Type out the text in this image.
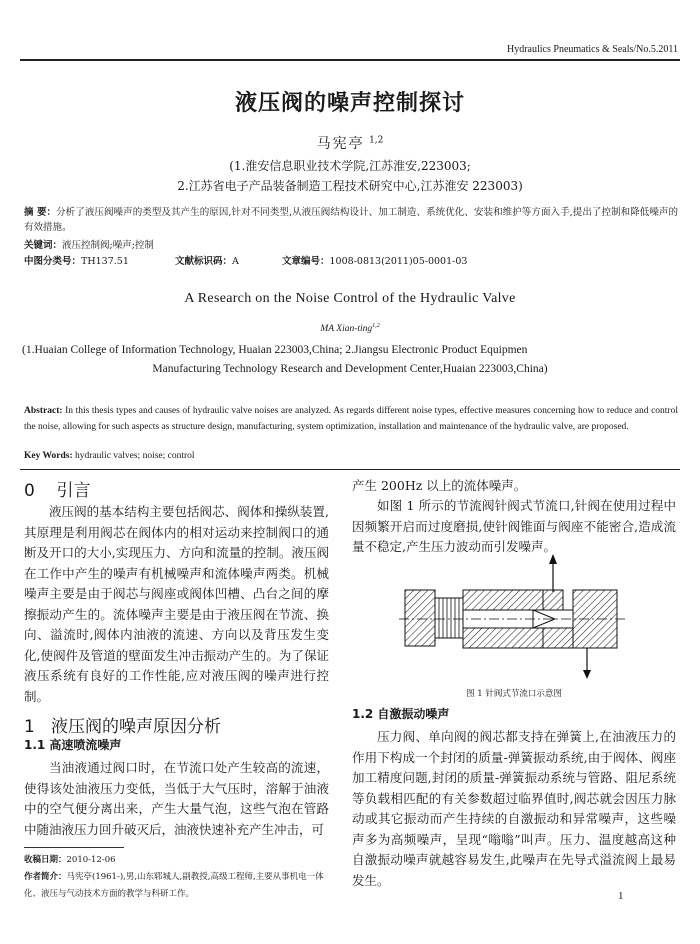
Hydraulics Pneumatics & Seals/No.5.2011
液压阀的噪声控制探讨
马宪亭 $^{1,2}$
(1.淮安信息职业技术学院,江苏淮安,223003;
2.江苏省电子产品装备制造工程技术研究中心,江苏淮安 223003)
摘 要：分析了液压阀噪声的类型及其产生的原因,针对不同类型,从液压阀结构设计、加工制造、系统优化、安装和维护等方面入手,提出了控制和降低噪声的有效措施。
关键词：液压控制阀;噪声;控制
中图分类号：TH137.51	文献标识码：A	文章编号：1008-0813(2011)05-0001-03
A Research on the Noise Control of the Hydraulic Valve
MA Xian-ting$^{1,2}$
(1.Huaian College of Information Technology, Huaian 223003,China; 2.Jiangsu Electronic Product Equipmen
Manufacturing Technology Research and Development Center,Huaian 223003,China)
Abstract: In this thesis types and causes of hydraulic valve noises are analyzed. As regards different noise types, effective measures concerning how to reduce and control the noise, allowing for such aspects as structure design, manufacturing, system optimization, installation and maintenance of the hydraulic valve, are proposed.
Key Words: hydraulic valves; noise; control
0 引言

液压阀的基本结构主要包括阀芯、阀体和操纵装置,其原理是利用阀芯在阀体内的相对运动来控制阀口的通断及开口的大小,实现压力、方向和流量的控制。液压阀在工作中产生的噪声有机械噪声和流体噪声两类。机械噪声主要是由于阀芯与阀座或阀体凹槽、凸台之间的摩擦振动产生的。流体噪声主要是由于液压阀在节流、换向、溢流时,阀体内油液的流速、方向以及背压发生变化,使阀件及管道的壁面发生冲击振动产生的。为了保证液压系统有良好的工作性能,应对液压阀的噪声进行控制。

1 液压阀的噪声原因分析
1.1 高速喷流噪声

当油液通过阀口时，在节流口处产生较高的流速，使得该处油液压力变低，当低于大气压时，溶解于油液中的空气便分离出来，产生大量气泡，这些气泡在管路中随油液压力回升破灭后，油液快速补充产生冲击，可

收稿日期：2010-12-06
作者简介：马宪亭(1961-),男,山东郓城人,副教授,高级工程师,主要从事机电一体化、液压与气动技术方面的教学与科研工作。
产生 200Hz 以上的流体噪声。

如图 1 所示的节流阀针阀式节流口,针阀在使用过程中因频繁开启而过度磨损,使针阀锥面与阀座不能密合,造成流量不稳定,产生压力波动而引发噪声。

图 1 针阀式节流口示意图
1.2 自激振动噪声

压力阀、单向阀的阀芯都支持在弹簧上,在油液压力的作用下构成一个封闭的质量-弹簧振动系统,由于阀体、阀座加工精度问题,封闭的质量-弹簧振动系统与管路、阻尼系统等负载相匹配的有关参数超过临界值时,阀芯就会因压力脉动或其它振动而产生持续的自激振动和异常噪声，这些噪声多为高频噪声，呈现“嗡嗡”叫声。压力、温度越高这种自激振动噪声就越容易发生,此噪声在先导式溢流阀上最易发生。

1
